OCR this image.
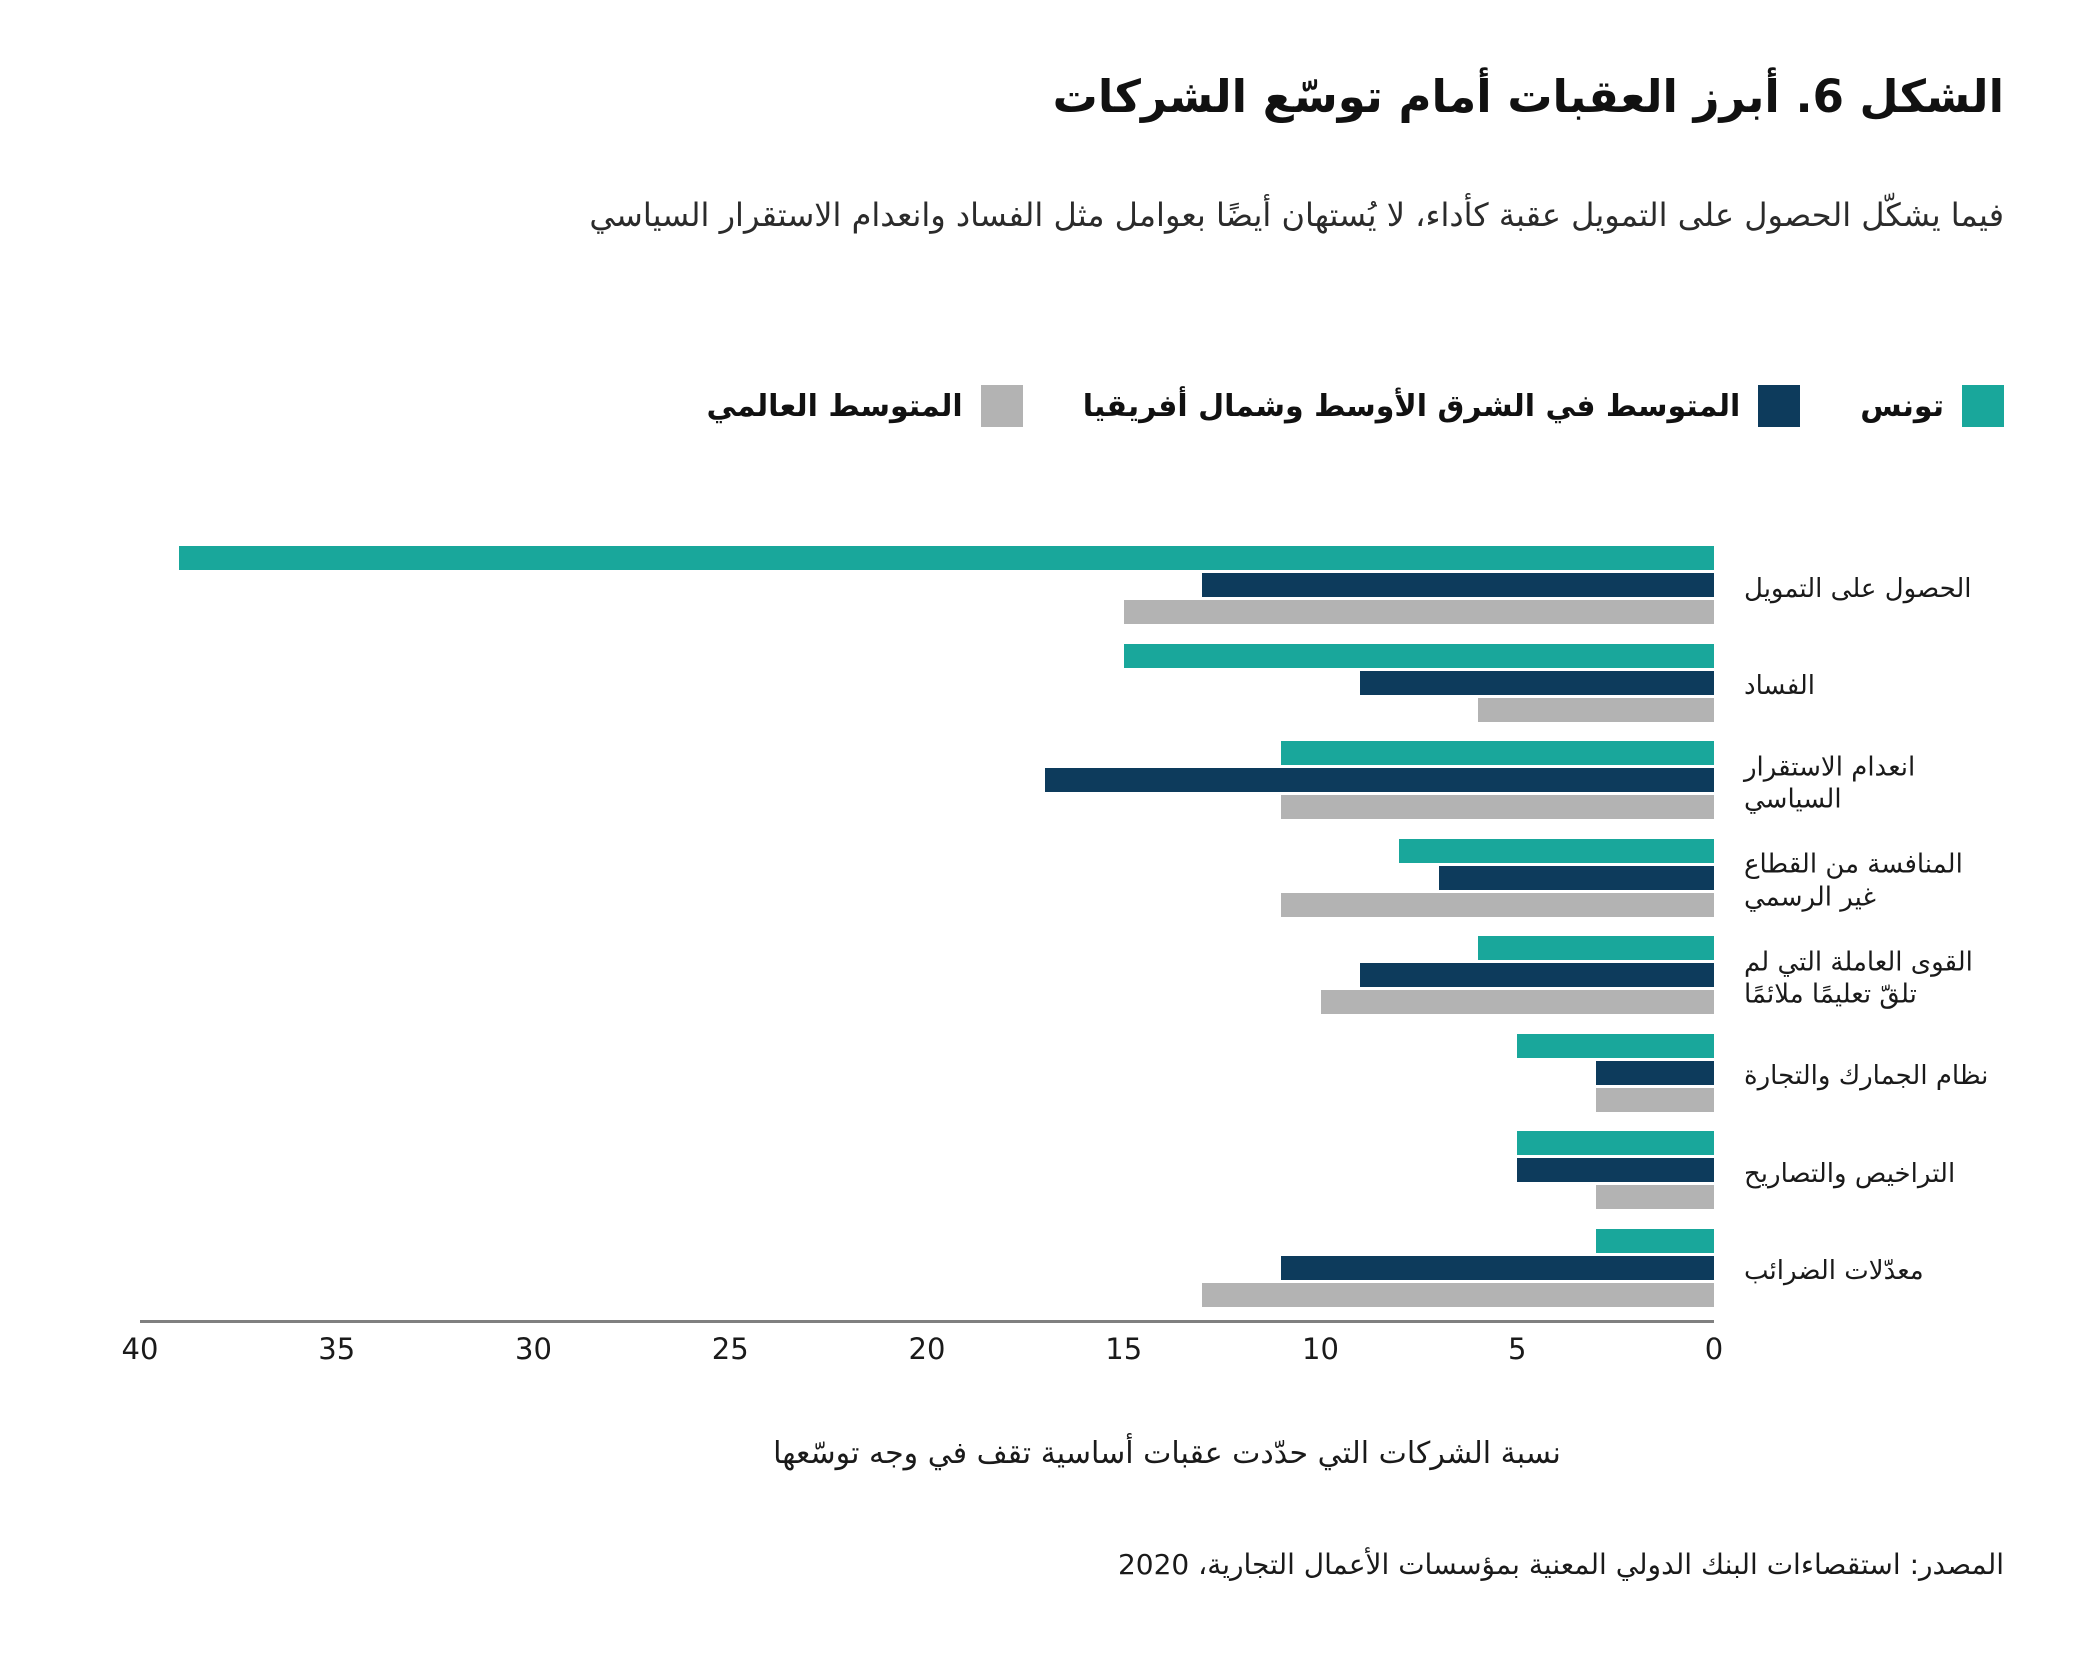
الشكل 6. أبرز العقبات أمام توسّع الشركات
فيما يشكّل الحصول على التمويل عقبة كأداء، لا يُستهان أيضًا بعوامل مثل الفساد وانعدام الاستقرار السياسي
تونس
المتوسط في الشرق الأوسط وشمال أفريقيا
المتوسط العالمي
الحصول على التمويل
الفساد
انعدام الاستقرار السياسي
المنافسة من القطاع غير الرسمي
القوى العاملة التي لم تلقّ تعليمًا ملائمًا
نظام الجمارك والتجارة
التراخيص والتصاريح
معدّلات الضرائب
0
5
10
15
20
25
30
35
40
نسبة الشركات التي حدّدت عقبات أساسية تقف في وجه توسّعها
المصدر: استقصاءات البنك الدولي المعنية بمؤسسات الأعمال التجارية، 2020
